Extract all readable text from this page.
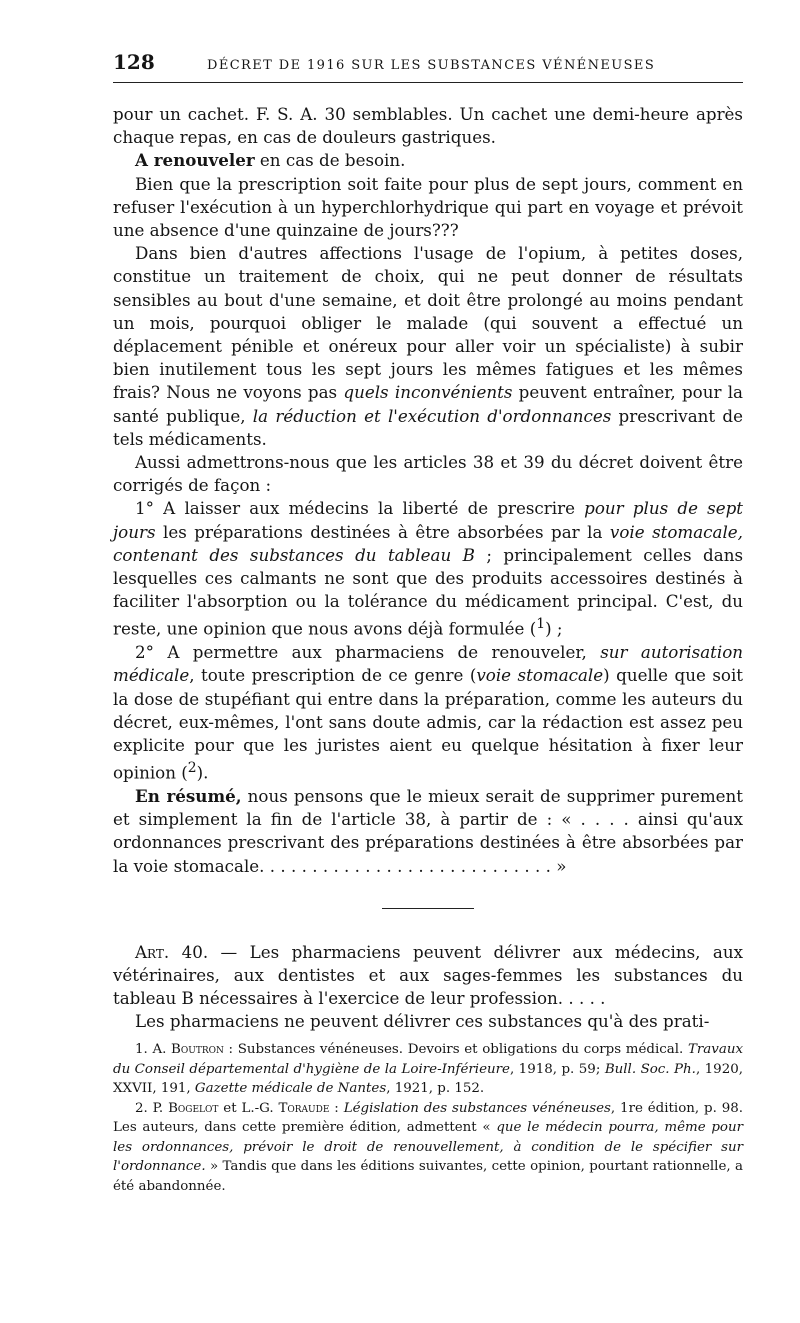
128	DÉCRET DE 1916 SUR LES SUBSTANCES VÉNÉNEUSES

pour un cachet. F. S. A. 30 semblables. Un cachet une demi-heure après chaque repas, en cas de douleurs gastriques.

A renouveler en cas de besoin.

Bien que la prescription soit faite pour plus de sept jours, comment en refuser l'exécution à un hyperchlorhydrique qui part en voyage et prévoit une absence d'une quinzaine de jours???

Dans bien d'autres affections l'usage de l'opium, à petites doses, constitue un traitement de choix, qui ne peut donner de résultats sensibles au bout d'une semaine, et doit être prolongé au moins pendant un mois, pourquoi obliger le malade (qui souvent a effectué un déplacement pénible et onéreux pour aller voir un spécialiste) à subir bien inutilement tous les sept jours les mêmes fatigues et les mêmes frais? Nous ne voyons pas quels inconvénients peuvent entraîner, pour la santé publique, la réduction et l'exécution d'ordonnances prescrivant de tels médicaments.

Aussi admettrons-nous que les articles 38 et 39 du décret doivent être corrigés de façon :

1° A laisser aux médecins la liberté de prescrire pour plus de sept jours les préparations destinées à être absorbées par la voie stomacale, contenant des substances du tableau B ; principalement celles dans lesquelles ces calmants ne sont que des produits accessoires destinés à faciliter l'absorption ou la tolérance du médicament principal. C'est, du reste, une opinion que nous avons déjà formulée ($^1$) ;

2° A permettre aux pharmaciens de renouveler, sur autorisation médicale, toute prescription de ce genre (voie stomacale) quelle que soit la dose de stupéfiant qui entre dans la préparation, comme les auteurs du décret, eux-mêmes, l'ont sans doute admis, car la rédaction est assez peu explicite pour que les juristes aient eu quelque hésitation à fixer leur opinion ($^2$).

En résumé, nous pensons que le mieux serait de supprimer purement et simplement la fin de l'article 38, à partir de : « . . . . ainsi qu'aux ordonnances prescrivant des préparations destinées à être absorbées par la voie stomacale. . . . . . . . . . . . . . . . . . . . . . . . . . . . »

Art. 40. — Les pharmaciens peuvent délivrer aux médecins, aux vétérinaires, aux dentistes et aux sages-femmes les substances du tableau B nécessaires à l'exercice de leur profession. . . . .

Les pharmaciens ne peuvent délivrer ces substances qu'à des prati-

1. A. Boutron : Substances vénéneuses. Devoirs et obligations du corps médical. Travaux du Conseil départemental d'hygiène de la Loire-Inférieure, 1918, p. 59; Bull. Soc. Ph., 1920, XXVII, 191, Gazette médicale de Nantes, 1921, p. 152.

2. P. Bogelot et L.-G. Toraude : Législation des substances vénéneuses, 1re édition, p. 98. Les auteurs, dans cette première édition, admettent « que le médecin pourra, même pour les ordonnances, prévoir le droit de renouvellement, à condition de le spécifier sur l'ordonnance. » Tandis que dans les éditions suivantes, cette opinion, pourtant rationnelle, a été abandonnée.
